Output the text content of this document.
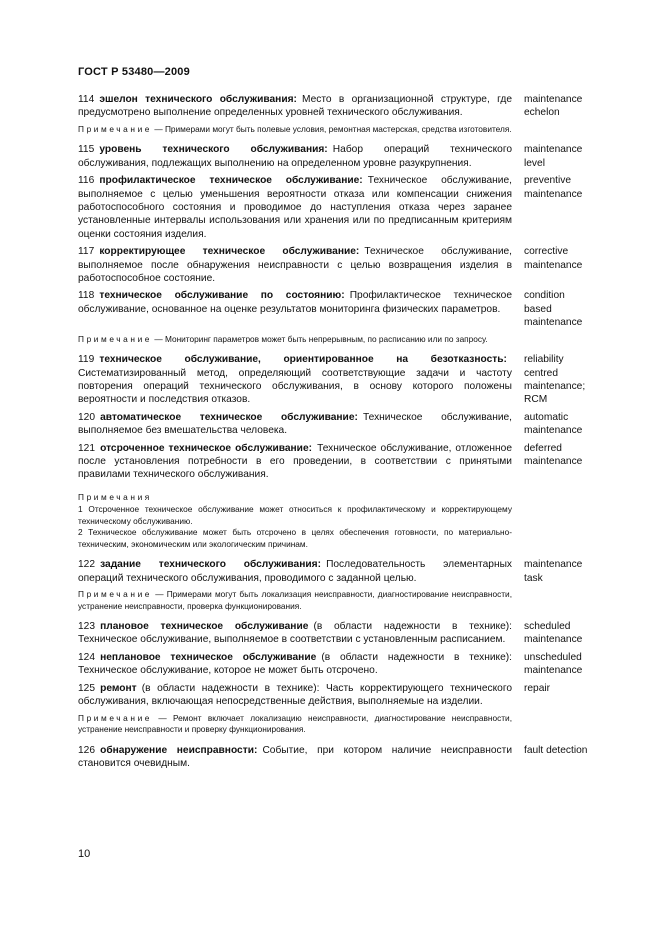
ГОСТ Р 53480—2009
114  эшелон технического обслуживания:  Место в организационной структуре, где предусмотрено выполнение определенных уровней технического обслуживания.
maintenance
echelon
Примечание — Примерами могут быть полевые условия, ремонтная мастерская, средства изготовителя.
115  уровень технического обслуживания:  Набор операций технического обслуживания, подлежащих выполнению на определенном уровне разукрупнения.
maintenance
level
116  профилактическое техническое обслуживание:  Техническое обслуживание, выполняемое с целью уменьшения вероятности отказа или компенсации снижения работоспособного состояния и проводимое до наступления отказа через заранее установленные интервалы использования или хранения или по предписанным критериям оценки состояния изделия.
preventive
maintenance
117  корректирующее техническое обслуживание:  Техническое обслуживание, выполняемое после обнаружения неисправности с целью возвращения изделия в работоспособное состояние.
corrective
maintenance
118  техническое обслуживание по состоянию:  Профилактическое техническое обслуживание, основанное на оценке результатов мониторинга физических параметров.
condition
based
maintenance
Примечание — Мониторинг параметров может быть непрерывным, по расписанию или по запросу.
119  техническое обслуживание, ориентированное на безотказность: Систематизированный метод, определяющий соответствующие задачи и частоту повторения операций технического обслуживания, в основу которого положены вероятности и последствия отказов.
reliability
centred
maintenance;
RCM
120  автоматическое техническое обслуживание:  Техническое обслуживание, выполняемое без вмешательства человека.
automatic
maintenance
121  отсроченное техническое обслуживание:  Техническое обслуживание, отложенное после установления потребности в его проведении, в соответствии с принятыми правилами технического обслуживания.
deferred
maintenance
Примечания
1 Отсроченное техническое обслуживание может относиться к профилактическому и корректирующему техническому обслуживанию.
2 Техническое обслуживание может быть отсрочено в целях обеспечения готовности, по материально-техническим, экономическим или экологическим причинам.
122  задание технического обслуживания:  Последовательность элементарных операций технического обслуживания, проводимого с заданной целью.
maintenance
task
Примечание — Примерами могут быть локализация неисправности, диагностирование неисправности, устранение неисправности, проверка функционирования.
123  плановое техническое обслуживание  (в области надежности в технике): Техническое обслуживание, выполняемое в соответствии с установленным расписанием.
scheduled
maintenance
124  неплановое техническое обслуживание  (в области надежности в технике): Техническое обслуживание, которое не может быть отсрочено.
unscheduled
maintenance
125  ремонт  (в области надежности в технике): Часть корректирующего технического обслуживания, включающая непосредственные действия, выполняемые на изделии.
repair
Примечание — Ремонт включает локализацию неисправности, диагностирование неисправности, устранение неисправности и проверку функционирования.
126  обнаружение неисправности:  Событие, при котором наличие неисправности становится очевидным.
fault detection
10
